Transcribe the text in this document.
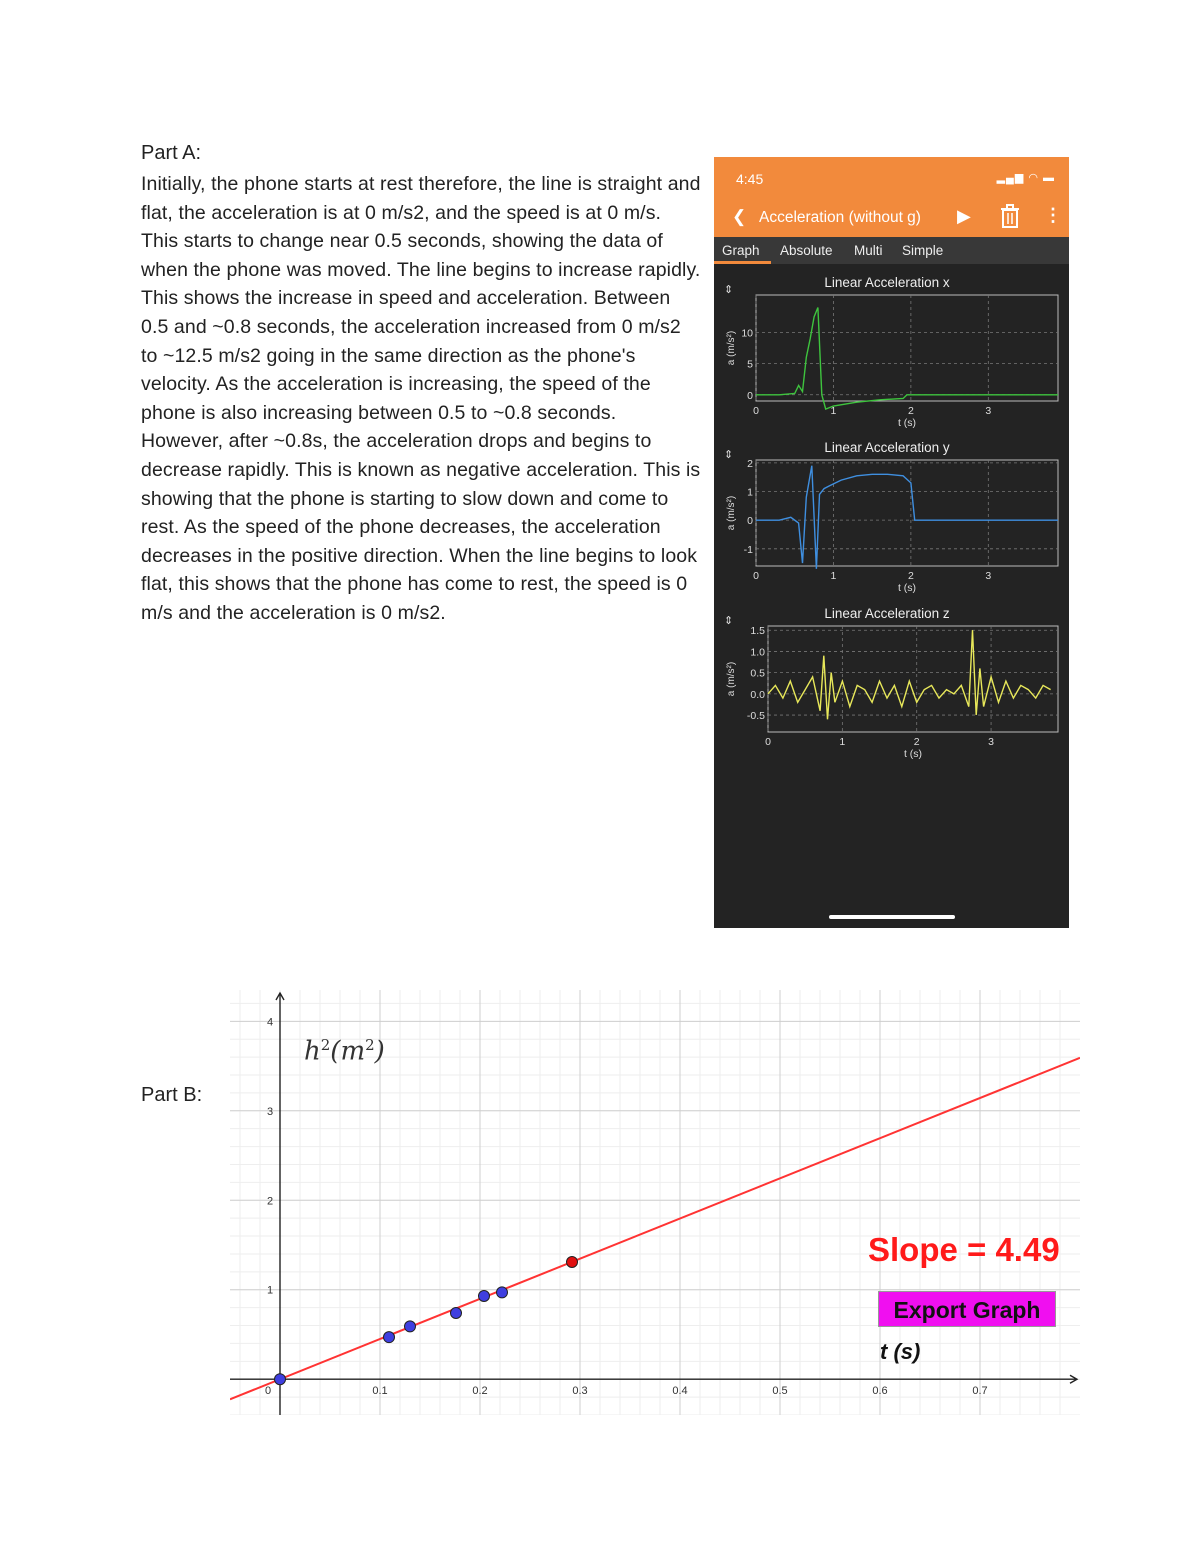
Part A:
Initially, the phone starts at rest therefore, the line is straight and flat, the acceleration is at 0 m/s2, and the speed is at 0 m/s. This starts to change near 0.5 seconds, showing the data of when the phone was moved. The line begins to increase rapidly. This shows the increase in speed and acceleration. Between 0.5 and ~0.8 seconds, the acceleration increased from 0 m/s2 to ~12.5 m/s2 going in the same direction as the phone's velocity. As the acceleration is increasing, the speed of the phone is also increasing between 0.5 to ~0.8 seconds. However, after ~0.8s, the acceleration drops and begins to decrease rapidly. This is known as negative acceleration. This is showing that the phone is starting to slow down and come to rest. As the speed of the phone decreases, the acceleration decreases in the positive direction. When the line begins to look flat, this shows that the phone has come to rest, the speed is 0 m/s and the acceleration is 0 m/s2.
4:45	▂▄▆ ◠ ▬
❮ Acceleration (without g) ▶	⋮
Graph Absolute Multi Simple
⇕	Linear Acceleration x
0	1	2	3
10
5
0
t (s)
a (m/s²)
⇕	Linear Acceleration y
0	1	2	3
2
1
0
-1
t (s)
a (m/s²)
⇕	Linear Acceleration z
0	1	2	3
1.5
1.0
0.5
0.0
-0.5
t (s)
a (m/s²)
Part B:
0	0.1	0.2	0.3	0.4	0.5	0.6	0.7
1
2
3
4
$h^2(m^2)$
Slope = 4.49
Export Graph
t (s)
